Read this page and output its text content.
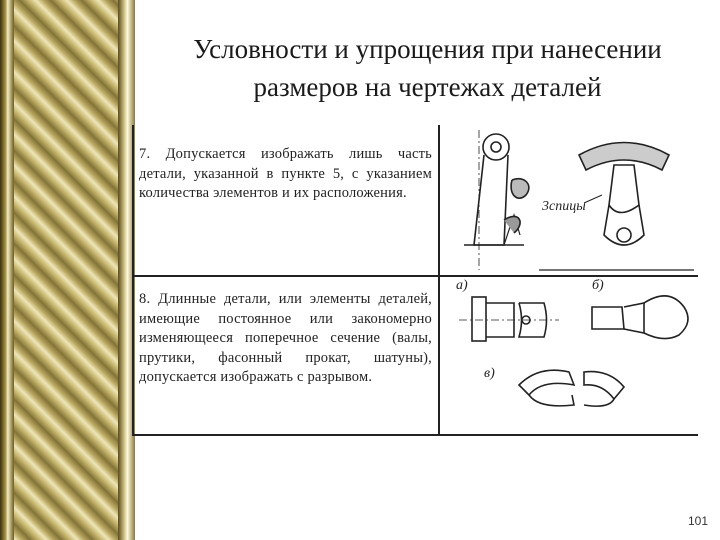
Условности и упрощения при нанесении
размеров на чертежах деталей
7. Допускается изображать лишь часть детали, указанной в пункте 5, с указанием количества элементов и их расположения.
8. Длинные детали, или элементы деталей, имеющие постоянное или закономерно изменяющееся поперечное сечение (валы, прутики, фасонный прокат, шатуны), допускается изображать с разрывом.
3спицы
а)	б)
в)
101
